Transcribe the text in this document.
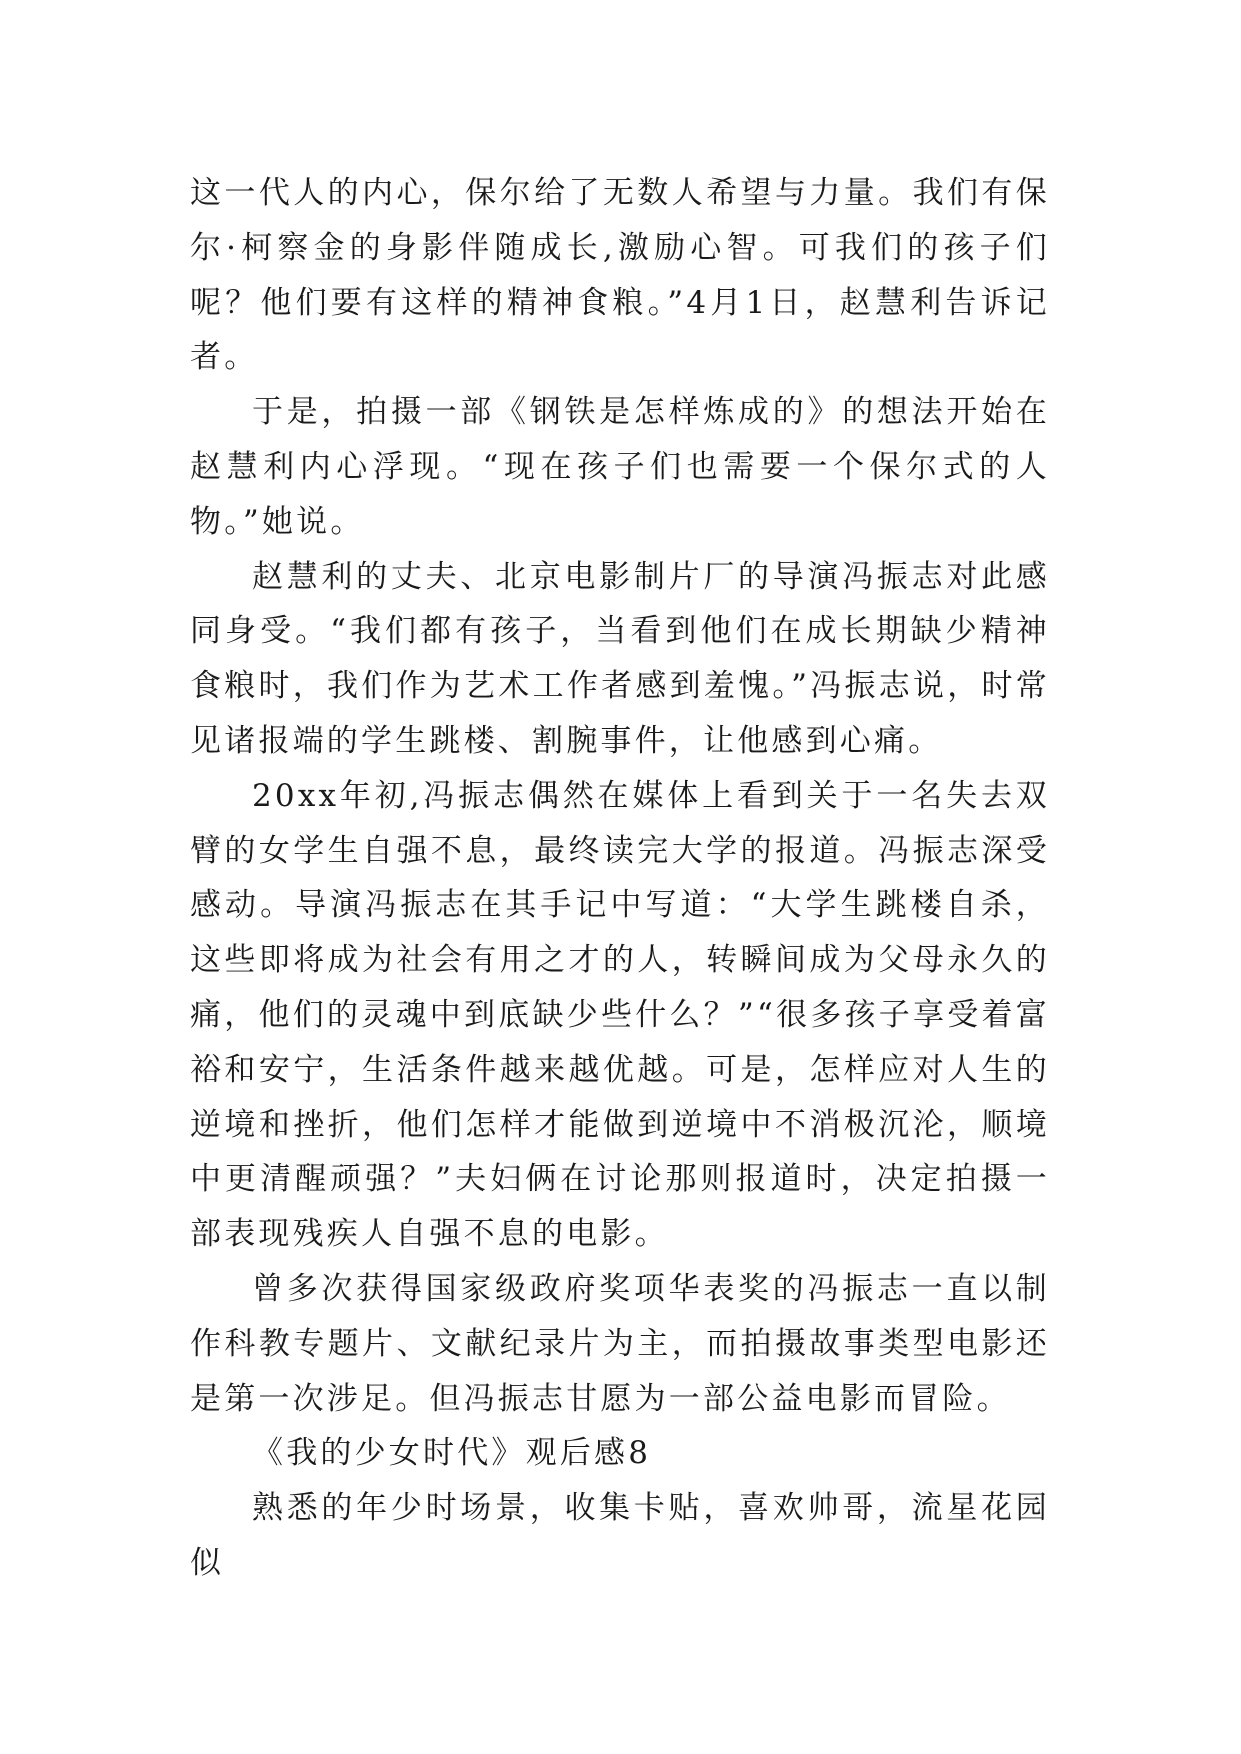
这一代人的内心，保尔给了无数人希望与力量。我们有保尔·柯察金的身影伴随成长,激励心智。可我们的孩子们呢？他们要有这样的精神食粮。”4月1日，赵慧利告诉记者。

于是，拍摄一部《钢铁是怎样炼成的》的想法开始在赵慧利内心浮现。“现在孩子们也需要一个保尔式的人物。”她说。

赵慧利的丈夫、北京电影制片厂的导演冯振志对此感同身受。“我们都有孩子，当看到他们在成长期缺少精神食粮时，我们作为艺术工作者感到羞愧。”冯振志说，时常见诸报端的学生跳楼、割腕事件，让他感到心痛。

20xx年初,冯振志偶然在媒体上看到关于一名失去双臂的女学生自强不息，最终读完大学的报道。冯振志深受感动。导演冯振志在其手记中写道：“大学生跳楼自杀，这些即将成为社会有用之才的人，转瞬间成为父母永久的痛，他们的灵魂中到底缺少些什么？”“很多孩子享受着富裕和安宁，生活条件越来越优越。可是，怎样应对人生的逆境和挫折，他们怎样才能做到逆境中不消极沉沦，顺境中更清醒顽强？”夫妇俩在讨论那则报道时，决定拍摄一部表现残疾人自强不息的电影。

曾多次获得国家级政府奖项华表奖的冯振志一直以制作科教专题片、文献纪录片为主，而拍摄故事类型电影还是第一次涉足。但冯振志甘愿为一部公益电影而冒险。

《我的少女时代》观后感8

熟悉的年少时场景，收集卡贴，喜欢帅哥，流星花园似
